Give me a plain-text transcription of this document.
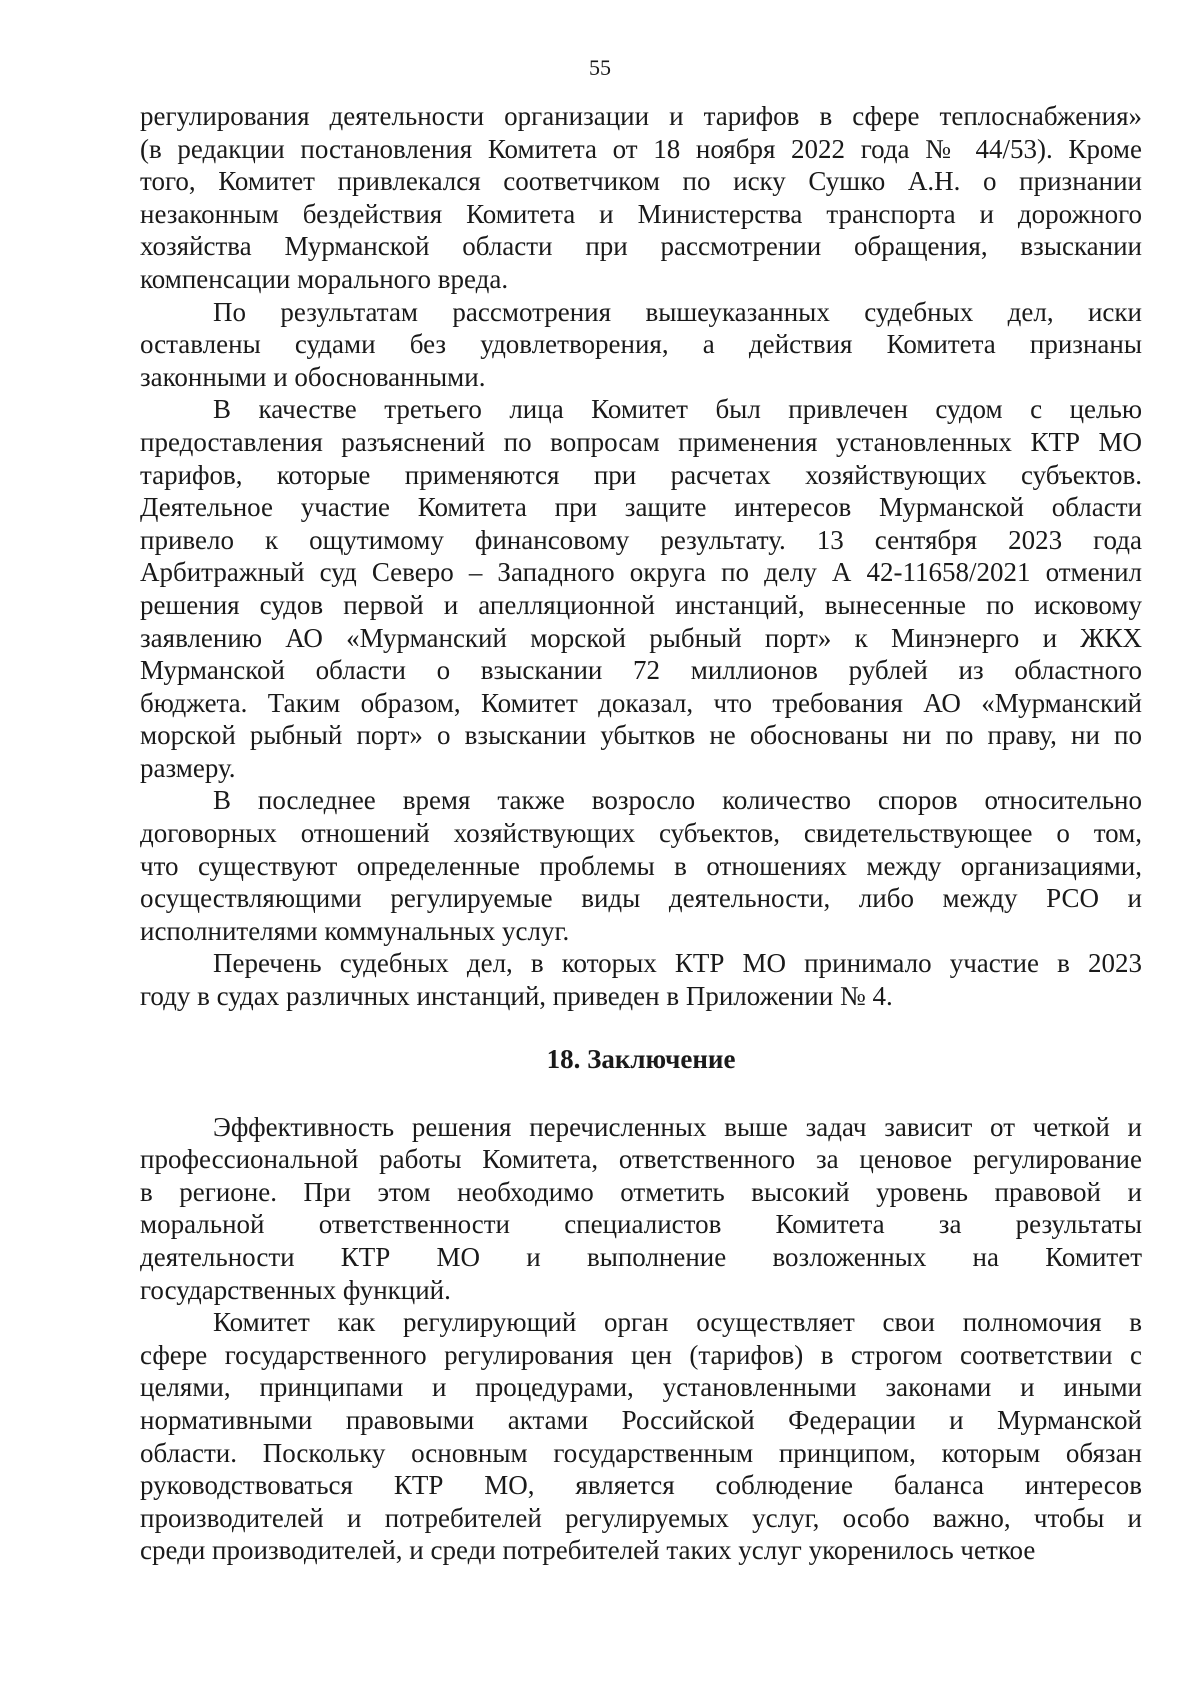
55

регулирования деятельности организации и тарифов в сфере теплоснабжения»

(в редакции постановления Комитета от 18 ноября 2022 года № 44/53). Кроме

того, Комитет привлекался соответчиком по иску Сушко А.Н. о признании

незаконным бездействия Комитета и Министерства транспорта и дорожного

хозяйства Мурманской области при рассмотрении обращения, взыскании

компенсации морального вреда.

По результатам рассмотрения вышеуказанных судебных дел, иски

оставлены судами без удовлетворения, а действия Комитета признаны

законными и обоснованными.

В качестве третьего лица Комитет был привлечен судом с целью

предоставления разъяснений по вопросам применения установленных КТР МО

тарифов, которые применяются при расчетах хозяйствующих субъектов.

Деятельное участие Комитета при защите интересов Мурманской области

привело к ощутимому финансовому результату. 13 сентября 2023 года

Арбитражный суд Северо – Западного округа по делу А 42-11658/2021 отменил

решения судов первой и апелляционной инстанций, вынесенные по исковому

заявлению АО «Мурманский морской рыбный порт» к Минэнерго и ЖКХ

Мурманской области о взыскании 72 миллионов рублей из областного

бюджета. Таким образом, Комитет доказал, что требования АО «Мурманский

морской рыбный порт» о взыскании убытков не обоснованы ни по праву, ни по

размеру.

В последнее время также возросло количество споров относительно

договорных отношений хозяйствующих субъектов, свидетельствующее о том,

что существуют определенные проблемы в отношениях между организациями,

осуществляющими регулируемые виды деятельности, либо между РСО и

исполнителями коммунальных услуг.

Перечень судебных дел, в которых КТР МО принимало участие в 2023

году в судах различных инстанций, приведен в Приложении № 4.

18. Заключение

Эффективность решения перечисленных выше задач зависит от четкой и

профессиональной работы Комитета, ответственного за ценовое регулирование

в регионе. При этом необходимо отметить высокий уровень правовой и

моральной ответственности специалистов Комитета за результаты

деятельности КТР МО и выполнение возложенных на Комитет

государственных функций.

Комитет как регулирующий орган осуществляет свои полномочия в

сфере государственного регулирования цен (тарифов) в строгом соответствии с

целями, принципами и процедурами, установленными законами и иными

нормативными правовыми актами Российской Федерации и Мурманской

области. Поскольку основным государственным принципом, которым обязан

руководствоваться КТР МО, является соблюдение баланса интересов

производителей и потребителей регулируемых услуг, особо важно, чтобы и

среди производителей, и среди потребителей таких услуг укоренилось четкое
